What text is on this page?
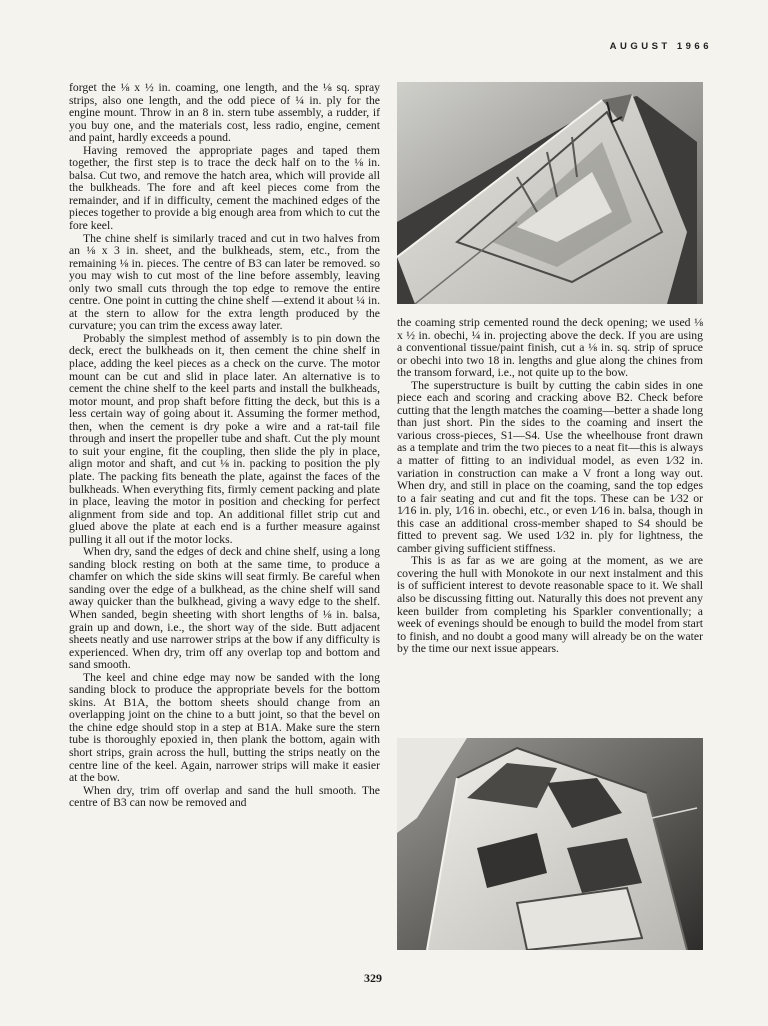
AUGUST 1966

forget the ⅛ x ½ in. coaming, one length, and the ⅛ sq. spray strips, also one length, and the odd piece of ¼ in. ply for the engine mount. Throw in an 8 in. stern tube assembly, a rudder, if you buy one, and the materials cost, less radio, engine, cement and paint, hardly exceeds a pound.

Having removed the appropriate pages and taped them together, the first step is to trace the deck half on to the ⅛ in. balsa. Cut two, and remove the hatch area, which will provide all the bulkheads. The fore and aft keel pieces come from the remainder, and if in difficulty, cement the machined edges of the pieces together to provide a big enough area from which to cut the fore keel.

The chine shelf is similarly traced and cut in two halves from an ⅛ x 3 in. sheet, and the bulkheads, stem, etc., from the remaining ⅛ in. pieces. The centre of B3 can later be removed. so you may wish to cut most of the line before assembly, leaving only two small cuts through the top edge to remove the entire centre. One point in cutting the chine shelf —extend it about ¼ in. at the stern to allow for the extra length produced by the curvature; you can trim the excess away later.

Probably the simplest method of assembly is to pin down the deck, erect the bulkheads on it, then cement the chine shelf in place, adding the keel pieces as a check on the curve. The motor mount can be cut and slid in place later. An alternative is to cement the chine shelf to the keel parts and install the bulkheads, motor mount, and prop shaft before fitting the deck, but this is a less certain way of going about it. Assuming the former method, then, when the cement is dry poke a wire and a rat-tail file through and insert the propeller tube and shaft. Cut the ply mount to suit your engine, fit the coupling, then slide the ply in place, align motor and shaft, and cut ⅛ in. packing to position the ply plate. The packing fits beneath the plate, against the faces of the bulkheads. When everything fits, firmly cement packing and plate in place, leaving the motor in position and checking for perfect alignment from side and top. An additional fillet strip cut and glued above the plate at each end is a further measure against pulling it all out if the motor locks.

When dry, sand the edges of deck and chine shelf, using a long sanding block resting on both at the same time, to produce a chamfer on which the side skins will seat firmly. Be careful when sanding over the edge of a bulkhead, as the chine shelf will sand away quicker than the bulkhead, giving a wavy edge to the shelf. When sanded, begin sheeting with short lengths of ⅛ in. balsa, grain up and down, i.e., the short way of the side. Butt adjacent sheets neatly and use narrower strips at the bow if any difficulty is experienced. When dry, trim off any overlap top and bottom and sand smooth.

The keel and chine edge may now be sanded with the long sanding block to produce the appropriate bevels for the bottom skins. At B1A, the bottom sheets should change from an overlapping joint on the chine to a butt joint, so that the bevel on the chine edge should stop in a step at B1A. Make sure the stern tube is thoroughly epoxied in, then plank the bottom, again with short strips, grain across the hull, butting the strips neatly on the centre line of the keel. Again, narrower strips will make it easier at the bow.

When dry, trim off overlap and sand the hull smooth. The centre of B3 can now be removed and

the coaming strip cemented round the deck opening; we used ⅛ x ½ in. obechi, ¼ in. projecting above the deck. If you are using a conventional tissue/paint finish, cut a ⅛ in. sq. strip of spruce or obechi into two 18 in. lengths and glue along the chines from the transom forward, i.e., not quite up to the bow.

The superstructure is built by cutting the cabin sides in one piece each and scoring and cracking above B2. Check before cutting that the length matches the coaming—better a shade long than just short. Pin the sides to the coaming and insert the various cross-pieces, S1—S4. Use the wheelhouse front drawn as a template and trim the two pieces to a neat fit—this is always a matter of fitting to an individual model, as even 1⁄32 in. variation in construction can make a V front a long way out. When dry, and still in place on the coaming, sand the top edges to a fair seating and cut and fit the tops. These can be 1⁄32 or 1⁄16 in. ply, 1⁄16 in. obechi, etc., or even 1⁄16 in. balsa, though in this case an additional cross-member shaped to S4 should be fitted to prevent sag. We used 1⁄32 in. ply for lightness, the camber giving sufficient stiffness.

This is as far as we are going at the moment, as we are covering the hull with Monokote in our next instalment and this is of sufficient interest to devote reasonable space to it. We shall also be discussing fitting out. Naturally this does not prevent any keen builder from completing his Sparkler conventionally; a week of evenings should be enough to build the model from start to finish, and no doubt a good many will already be on the water by the time our next issue appears.

329
